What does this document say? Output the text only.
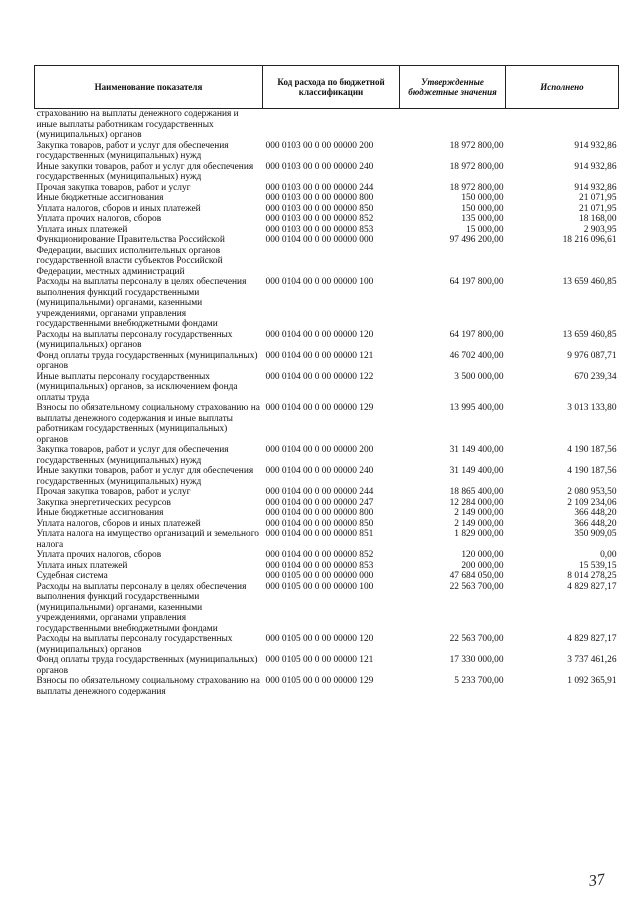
Наименование показателя	Код расхода по бюджетной классификации	Утвержденные бюджетные значения	Исполнено
страхованию на выплаты денежного содержания и иные выплаты работникам государственных (муниципальных) органов			
Закупка товаров, работ и услуг для обеспечения государственных (муниципальных) нужд	000 0103 00 0 00 00000 200	18 972 800,00	914 932,86
Иные закупки товаров, работ и услуг для обеспечения государственных (муниципальных) нужд	000 0103 00 0 00 00000 240	18 972 800,00	914 932,86
Прочая закупка товаров, работ и услуг	000 0103 00 0 00 00000 244	18 972 800,00	914 932,86
Иные бюджетные ассигнования	000 0103 00 0 00 00000 800	150 000,00	21 071,95
Уплата налогов, сборов и иных платежей	000 0103 00 0 00 00000 850	150 000,00	21 071,95
Уплата прочих налогов, сборов	000 0103 00 0 00 00000 852	135 000,00	18 168,00
Уплата иных платежей	000 0103 00 0 00 00000 853	15 000,00	2 903,95
Функционирование Правительства Российской Федерации, высших исполнительных органов государственной власти субъектов Российской Федерации, местных администраций	000 0104 00 0 00 00000 000	97 496 200,00	18 216 096,61
Расходы на выплаты персоналу в целях обеспечения выполнения функций государственными (муниципальными) органами, казенными учреждениями, органами управления государственными внебюджетными фондами	000 0104 00 0 00 00000 100	64 197 800,00	13 659 460,85
Расходы на выплаты персоналу государственных (муниципальных) органов	000 0104 00 0 00 00000 120	64 197 800,00	13 659 460,85
Фонд оплаты труда государственных (муниципальных) органов	000 0104 00 0 00 00000 121	46 702 400,00	9 976 087,71
Иные выплаты персоналу государственных (муниципальных) органов, за исключением фонда оплаты труда	000 0104 00 0 00 00000 122	3 500 000,00	670 239,34
Взносы по обязательному социальному страхованию на выплаты денежного содержания и иные выплаты работникам государственных (муниципальных) органов	000 0104 00 0 00 00000 129	13 995 400,00	3 013 133,80
Закупка товаров, работ и услуг для обеспечения государственных (муниципальных) нужд	000 0104 00 0 00 00000 200	31 149 400,00	4 190 187,56
Иные закупки товаров, работ и услуг для обеспечения государственных (муниципальных) нужд	000 0104 00 0 00 00000 240	31 149 400,00	4 190 187,56
Прочая закупка товаров, работ и услуг	000 0104 00 0 00 00000 244	18 865 400,00	2 080 953,50
Закупка энергетических ресурсов	000 0104 00 0 00 00000 247	12 284 000,00	2 109 234,06
Иные бюджетные ассигнования	000 0104 00 0 00 00000 800	2 149 000,00	366 448,20
Уплата налогов, сборов и иных платежей	000 0104 00 0 00 00000 850	2 149 000,00	366 448,20
Уплата налога на имущество организаций и земельного налога	000 0104 00 0 00 00000 851	1 829 000,00	350 909,05
Уплата прочих налогов, сборов	000 0104 00 0 00 00000 852	120 000,00	0,00
Уплата иных платежей	000 0104 00 0 00 00000 853	200 000,00	15 539,15
Судебная система	000 0105 00 0 00 00000 000	47 684 050,00	8 014 278,25
Расходы на выплаты персоналу в целях обеспечения выполнения функций государственными (муниципальными) органами, казенными учреждениями, органами управления государственными внебюджетными фондами	000 0105 00 0 00 00000 100	22 563 700,00	4 829 827,17
Расходы на выплаты персоналу государственных (муниципальных) органов	000 0105 00 0 00 00000 120	22 563 700,00	4 829 827,17
Фонд оплаты труда государственных (муниципальных) органов	000 0105 00 0 00 00000 121	17 330 000,00	3 737 461,26
Взносы по обязательному социальному страхованию на выплаты денежного содержания	000 0105 00 0 00 00000 129	5 233 700,00	1 092 365,91
37
